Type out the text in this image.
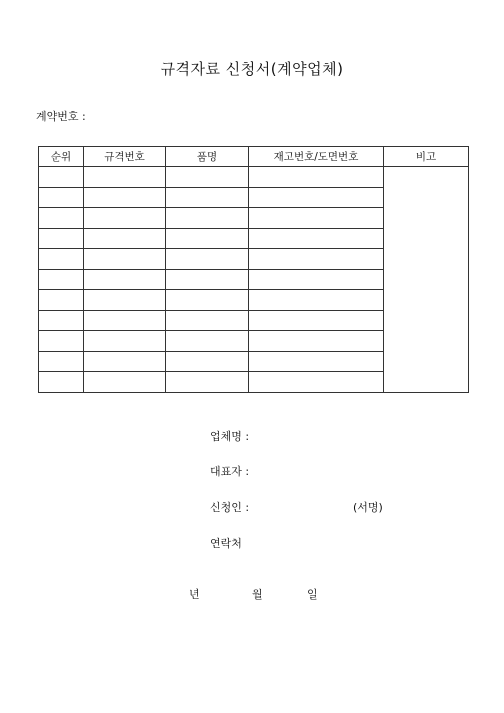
규격자료 신청서(계약업체)
계약번호 :
순위	규격번호	품명	재고번호/도면번호	비고

업체명 :
대표자 :
신청인 :	(서명)
연락처
년	월	일
